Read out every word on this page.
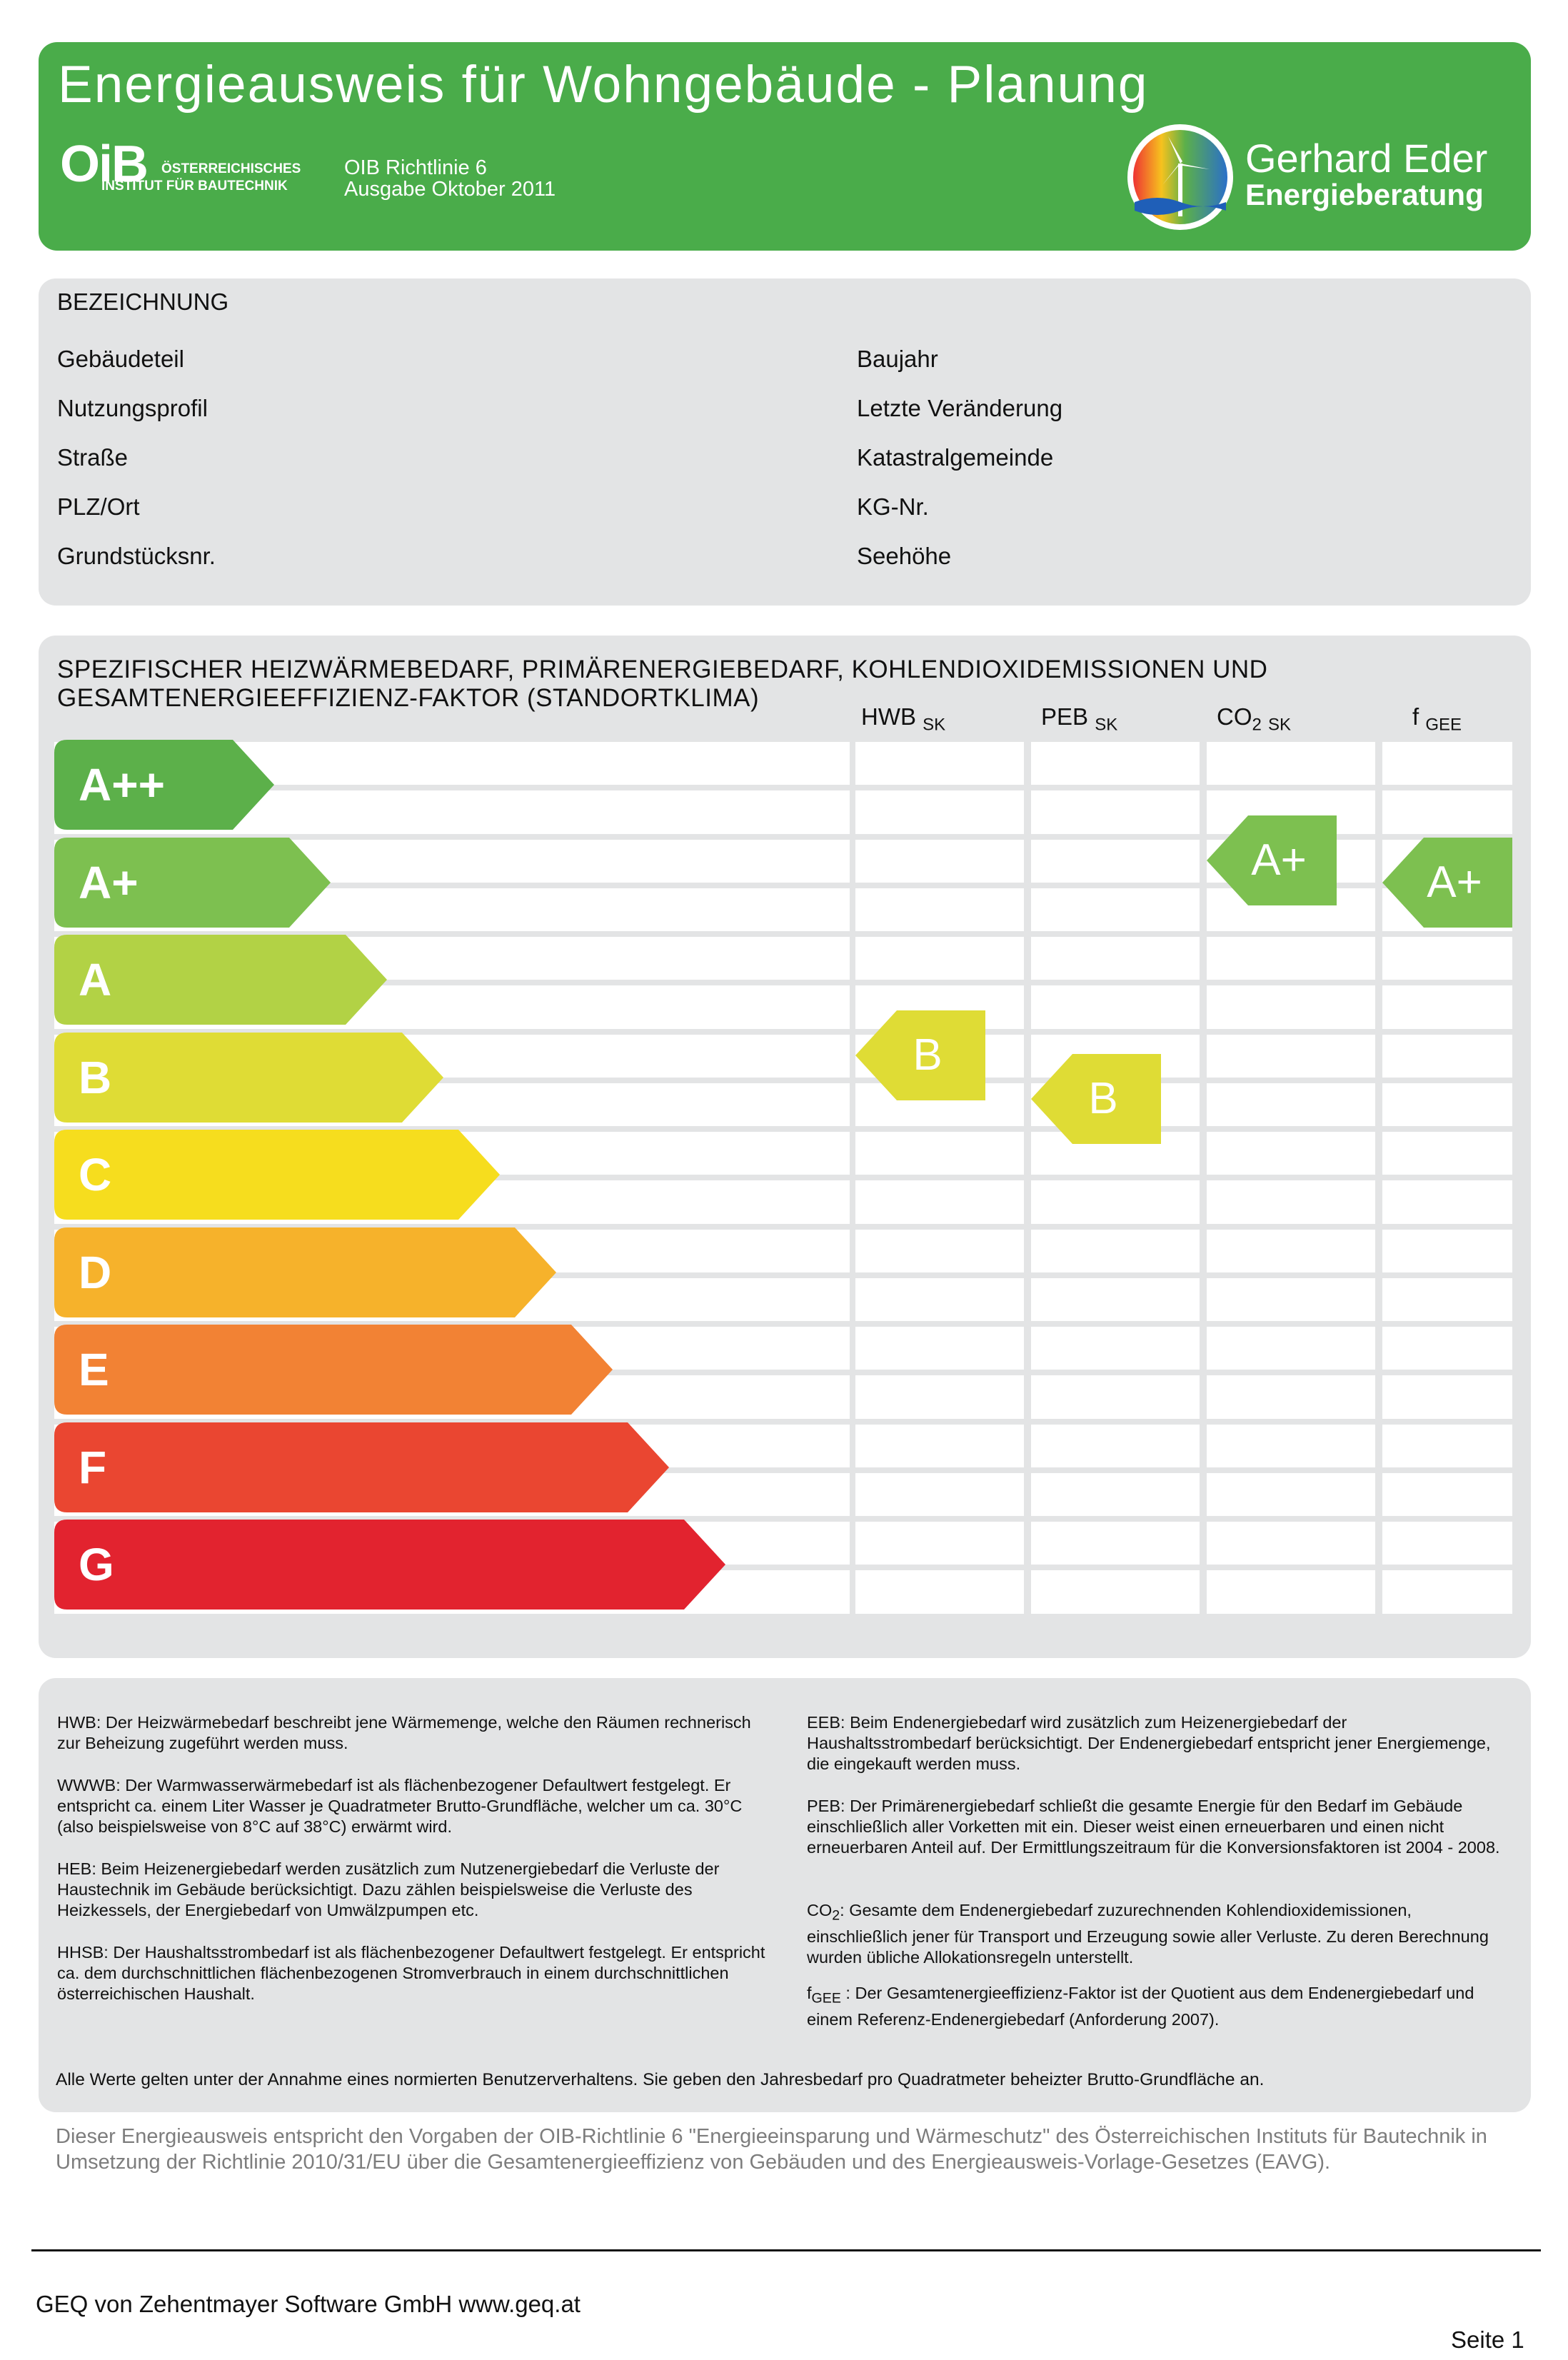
Energieausweis für Wohngebäude - Planung
OiB ÖSTERREICHISCHES
INSTITUT FÜR BAUTECHNIK
OIB Richtlinie 6
Ausgabe Oktober 2011
Gerhard Eder
Energieberatung
BEZEICHNUNG
Gebäudeteil
Nutzungsprofil
Straße
PLZ/Ort
Grundstücksnr.
Baujahr
Letzte Veränderung
Katastralgemeinde
KG-Nr.
Seehöhe
SPEZIFISCHER HEIZWÄRMEBEDARF, PRIMÄRENERGIEBEDARF, KOHLENDIOXIDEMISSIONEN UND
GESAMTENERGIEEFFIZIENZ-FAKTOR (STANDORTKLIMA)
HWB $_{SK}$	PEB $_{SK}$	$CO_2$ $_{SK}$	f $_{GEE}$
A++
A+
A
B
C
D
E
F
G
B
B
A+	A+
HWB: Der Heizwärmebedarf beschreibt jene Wärmemenge, welche den Räumen rechnerisch zur Beheizung zugeführt werden muss.
WWWB: Der Warmwasserwärmebedarf ist als flächenbezogener Defaultwert festgelegt. Er entspricht ca. einem Liter Wasser je Quadratmeter Brutto-Grundfläche, welcher um ca. 30°C (also beispielsweise von 8°C auf 38°C) erwärmt wird.
HEB: Beim Heizenergiebedarf werden zusätzlich zum Nutzenergiebedarf die Verluste der Haustechnik im Gebäude berücksichtigt. Dazu zählen beispielsweise die Verluste des Heizkessels, der Energiebedarf von Umwälzpumpen etc.
HHSB: Der Haushaltsstrombedarf ist als flächenbezogener Defaultwert festgelegt. Er entspricht ca. dem durchschnittlichen flächenbezogenen Stromverbrauch in einem durchschnittlichen österreichischen Haushalt.
EEB: Beim Endenergiebedarf wird zusätzlich zum Heizenergiebedarf der Haushaltsstrombedarf berücksichtigt. Der Endenergiebedarf entspricht jener Energiemenge, die eingekauft werden muss.
PEB: Der Primärenergiebedarf schließt die gesamte Energie für den Bedarf im Gebäude einschließlich aller Vorketten mit ein. Dieser weist einen erneuerbaren und einen nicht erneuerbaren Anteil auf. Der Ermittlungszeitraum für die Konversionsfaktoren ist 2004 - 2008.
$CO_2$: Gesamte dem Endenergiebedarf zuzurechnenden Kohlendioxidemissionen, einschließlich jener für Transport und Erzeugung sowie aller Verluste. Zu deren Berechnung wurden übliche Allokationsregeln unterstellt.
$f_{GEE}$ : Der Gesamtenergieeffizienz-Faktor ist der Quotient aus dem Endenergiebedarf und einem Referenz-Endenergiebedarf (Anforderung 2007).
Alle Werte gelten unter der Annahme eines normierten Benutzerverhaltens. Sie geben den Jahresbedarf pro Quadratmeter beheizter Brutto-Grundfläche an.
Dieser Energieausweis entspricht den Vorgaben der OIB-Richtlinie 6 "Energieeinsparung und Wärmeschutz" des Österreichischen Instituts für Bautechnik in Umsetzung der Richtlinie 2010/31/EU über die Gesamtenergieeffizienz von Gebäuden und des Energieausweis-Vorlage-Gesetzes (EAVG).
GEQ von Zehentmayer Software GmbH www.geq.at
Seite 1
